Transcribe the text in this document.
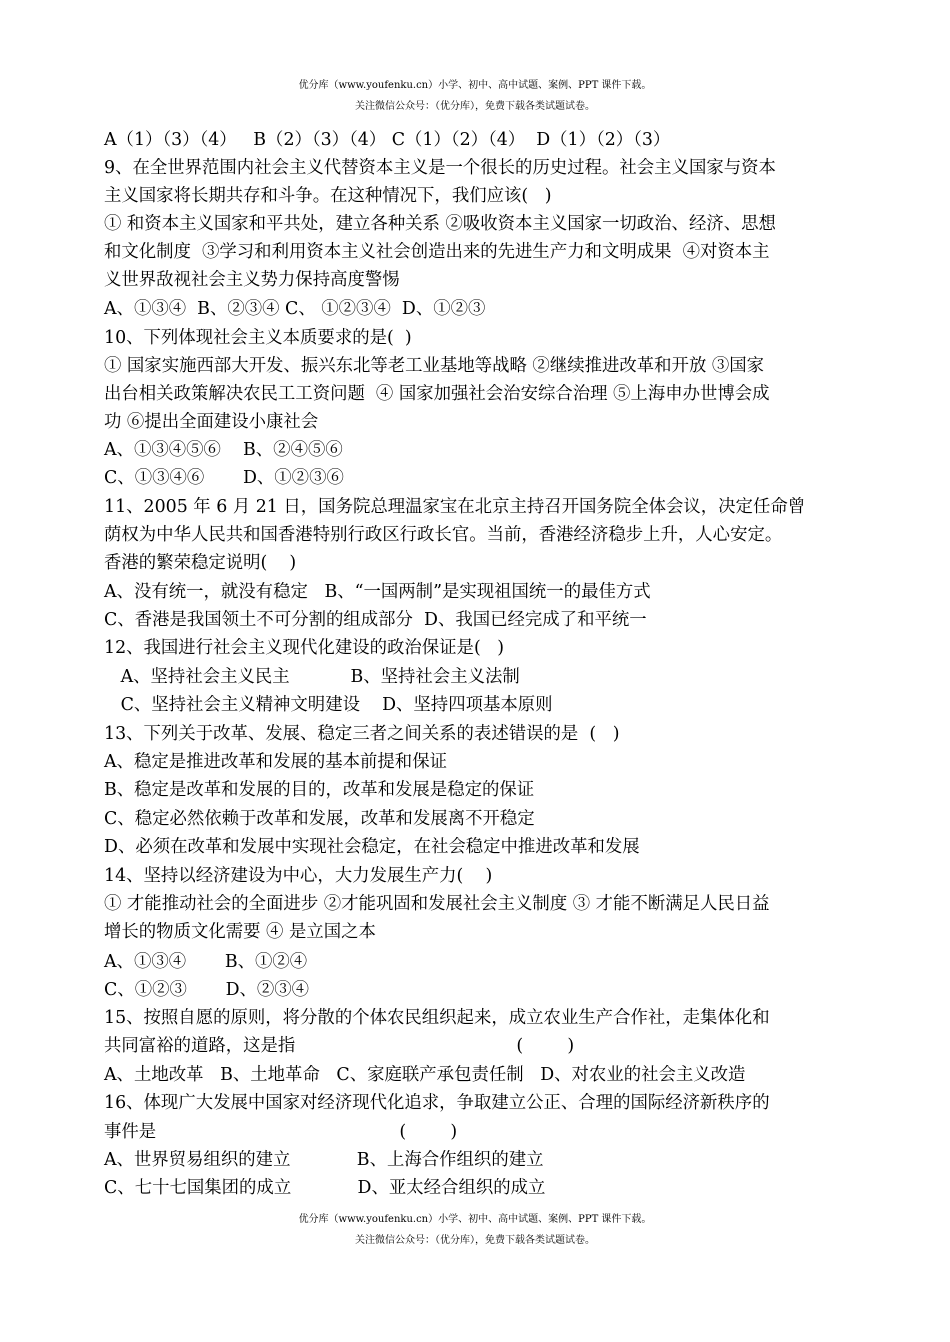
优分库（www.youfenku.cn）小学、初中、高中试题、案例、PPT 课件下载。
关注微信公众号：（优分库），免费下载各类试题试卷。
A（1）（3）（4）   B（2）（3）（4） C（1）（2）（4）  D（1）（2）（3）
9、在全世界范围内社会主义代替资本主义是一个很长的历史过程。社会主义国家与资本
主义国家将长期共存和斗争。在这种情况下，我们应该(   )
① 和资本主义国家和平共处，建立各种关系 ②吸收资本主义国家一切政治、经济、思想
和文化制度  ③学习和利用资本主义社会创造出来的先进生产力和文明成果  ④对资本主
义世界敌视社会主义势力保持高度警惕
A、①③④  B、②③④ C、 ①②③④  D、①②③
10、下列体现社会主义本质要求的是(  )
① 国家实施西部大开发、振兴东北等老工业基地等战略 ②继续推进改革和开放 ③国家
出台相关政策解决农民工工资问题  ④ 国家加强社会治安综合治理 ⑤上海申办世博会成
功 ⑥提出全面建设小康社会
A、①③④⑤⑥    B、②④⑤⑥
C、①③④⑥       D、①②③⑥
11、2005 年 6 月 21 日，国务院总理温家宝在北京主持召开国务院全体会议，决定任命曾
荫权为中华人民共和国香港特别行政区行政长官。当前，香港经济稳步上升，人心安定。
香港的繁荣稳定说明(    )
A、没有统一，就没有稳定   B、“一国两制”是实现祖国统一的最佳方式
C、香港是我国领土不可分割的组成部分  D、我国已经完成了和平统一
12、我国进行社会主义现代化建设的政治保证是(   )
A、坚持社会主义民主           B、坚持社会主义法制
C、坚持社会主义精神文明建设    D、坚持四项基本原则
13、下列关于改革、发展、稳定三者之间关系的表述错误的是  (   )
A、稳定是推进改革和发展的基本前提和保证
B、稳定是改革和发展的目的，改革和发展是稳定的保证
C、稳定必然依赖于改革和发展，改革和发展离不开稳定
D、必须在改革和发展中实现社会稳定，在社会稳定中推进改革和发展
14、坚持以经济建设为中心，大力发展生产力(    )
① 才能推动社会的全面进步 ②才能巩固和发展社会主义制度 ③ 才能不断满足人民日益
增长的物质文化需要 ④ 是立国之本
A、①③④       B、①②④
C、①②③       D、②③④
15、按照自愿的原则，将分散的个体农民组织起来，成立农业生产合作社，走集体化和
共同富裕的道路，这是指                                        (        )
A、土地改革   B、土地革命   C、家庭联产承包责任制   D、对农业的社会主义改造
16、体现广大发展中国家对经济现代化追求，争取建立公正、合理的国际经济新秩序的
事件是                                            (        )
A、世界贸易组织的建立            B、上海合作组织的建立
C、七十七国集团的成立            D、亚太经合组织的成立
优分库（www.youfenku.cn）小学、初中、高中试题、案例、PPT 课件下载。
关注微信公众号：（优分库），免费下载各类试题试卷。
